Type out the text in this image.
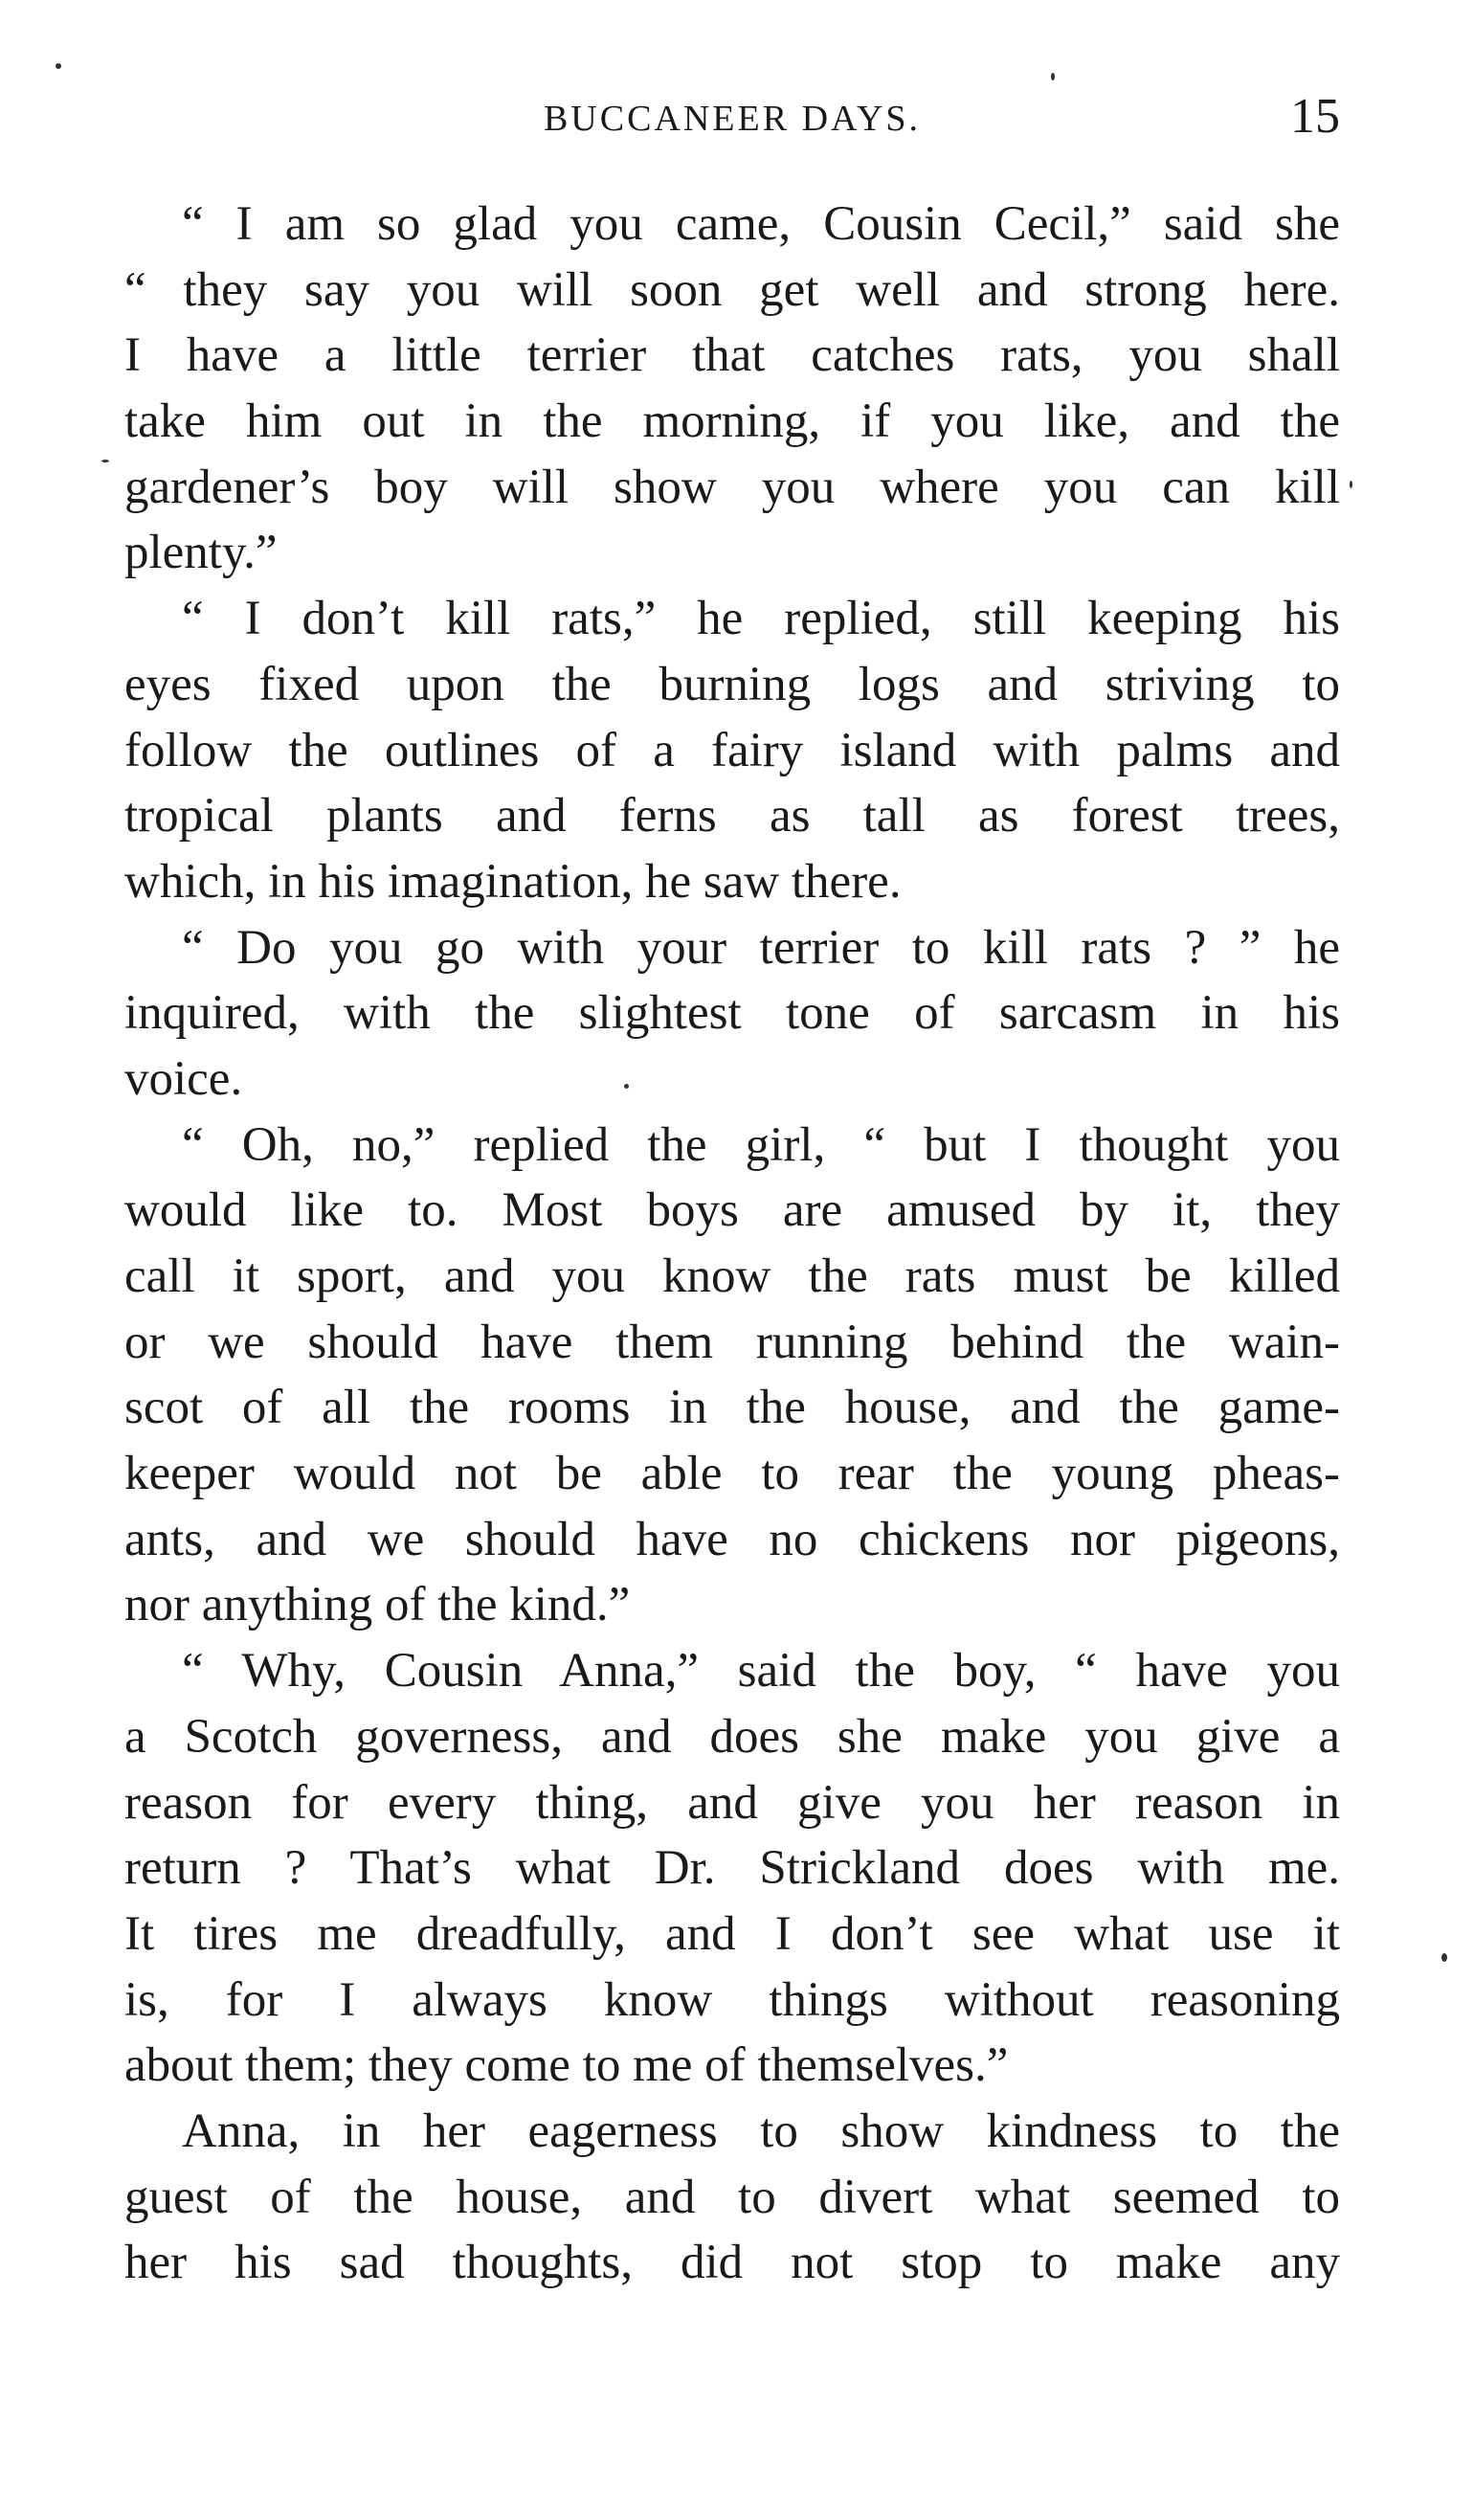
BUCCANEER DAYS.	15
“ I am so glad you came, Cousin Cecil,” said she
“ they say you will soon get well and strong here.
I have a little terrier that catches rats, you shall
take him out in the morning, if you like, and the
gardener’s boy will show you where you can kill
plenty.”
“ I don’t kill rats,” he replied, still keeping his
eyes fixed upon the burning logs and striving to
follow the outlines of a fairy island with palms and
tropical plants and ferns as tall as forest trees,
which, in his imagination, he saw there.
“ Do you go with your terrier to kill rats ? ” he
inquired, with the slightest tone of sarcasm in his
voice.
“ Oh, no,” replied the girl, “ but I thought you
would like to. Most boys are amused by it, they
call it sport, and you know the rats must be killed
or we should have them running behind the wain-
scot of all the rooms in the house, and the game-
keeper would not be able to rear the young pheas-
ants, and we should have no chickens nor pigeons,
nor anything of the kind.”
“ Why, Cousin Anna,” said the boy, “ have you
a Scotch governess, and does she make you give a
reason for every thing, and give you her reason in
return ? That’s what Dr. Strickland does with me.
It tires me dreadfully, and I don’t see what use it
is, for I always know things without reasoning
about them; they come to me of themselves.”
Anna, in her eagerness to show kindness to the
guest of the house, and to divert what seemed to
her his sad thoughts, did not stop to make any
